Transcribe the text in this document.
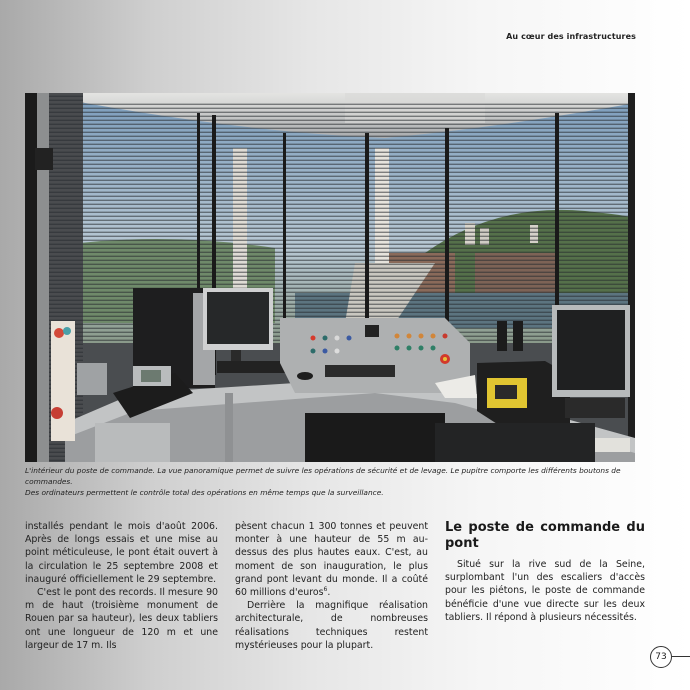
Au cœur des infrastructures
L'intérieur du poste de commande. La vue panoramique permet de suivre les opérations de sécurité et de levage. Le pupitre comporte les différents boutons de commandes.
Des ordinateurs permettent le contrôle total des opérations en même temps que la surveillance.

installés pendant le mois d'août 2006. Après de longs essais et une mise au point méticuleuse, le pont était ouvert à la circulation le 25 septembre 2008 et inauguré officiellement le 29 septembre.

C'est le pont des records. Il mesure 90 m de haut (troisième monument de Rouen par sa hauteur), les deux tabliers ont une longueur de 120 m et une largeur de 17 m. Ils

pèsent chacun 1 300 tonnes et peuvent monter à une hauteur de 55 m au-dessus des plus hautes eaux. C'est, au moment de son inauguration, le plus grand pont levant du monde. Il a coûté 60 millions d'euros$^6$.

Derrière la magnifique réalisation architecturale, de nombreuses réalisations techniques restent mystérieuses pour la plupart.

Le poste de commande du pont

Situé sur la rive sud de la Seine, surplombant l'un des escaliers d'accès pour les piétons, le poste de commande bénéficie d'une vue directe sur les deux tabliers. Il répond à plusieurs nécessités.

73
